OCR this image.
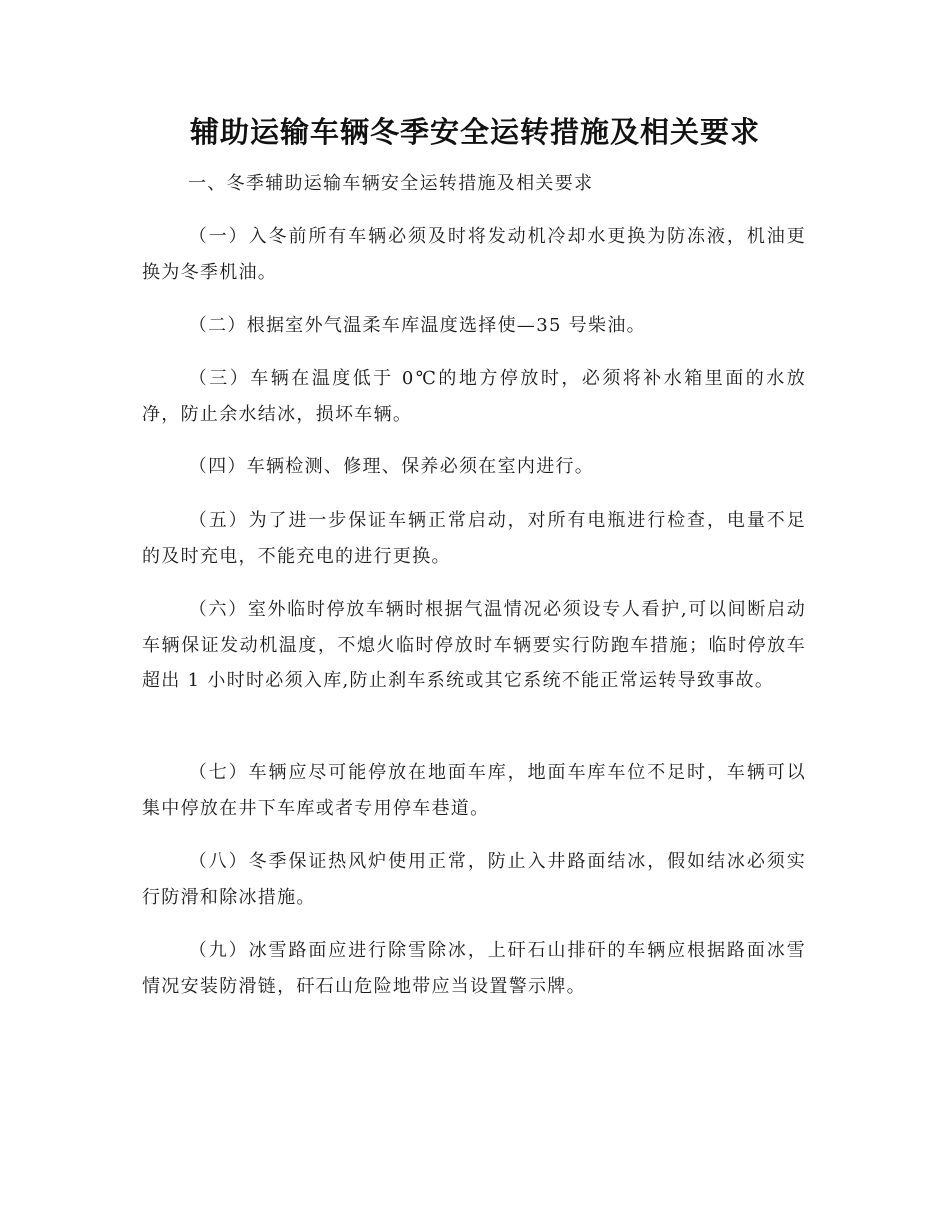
辅助运输车辆冬季安全运转措施及相关要求

一、冬季辅助运输车辆安全运转措施及相关要求

（一）入冬前所有车辆必须及时将发动机冷却水更换为防冻液，机油更换为冬季机油。

（二）根据室外气温柔车库温度选择使—35 号柴油。

（三）车辆在温度低于 0℃的地方停放时，必须将补水箱里面的水放净，防止余水结冰，损坏车辆。

（四）车辆检测、修理、保养必须在室内进行。

（五）为了进一步保证车辆正常启动，对所有电瓶进行检查，电量不足的及时充电，不能充电的进行更换。

（六）室外临时停放车辆时根据气温情况必须设专人看护,可以间断启动车辆保证发动机温度，不熄火临时停放时车辆要实行防跑车措施；临时停放车超出 1 小时时必须入库,防止刹车系统或其它系统不能正常运转导致事故。

（七）车辆应尽可能停放在地面车库，地面车库车位不足时，车辆可以集中停放在井下车库或者专用停车巷道。

（八）冬季保证热风炉使用正常，防止入井路面结冰，假如结冰必须实行防滑和除冰措施。

（九）冰雪路面应进行除雪除冰，上矸石山排矸的车辆应根据路面冰雪情况安装防滑链，矸石山危险地带应当设置警示牌。
